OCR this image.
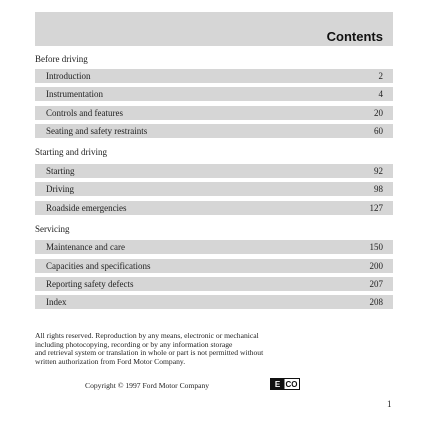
Contents
Before driving
Introduction	2
Instrumentation	4
Controls and features	20
Seating and safety restraints	60
Starting and driving
Starting	92
Driving	98
Roadside emergencies	127
Servicing
Maintenance and care	150
Capacities and specifications	200
Reporting safety defects	207
Index	208
All rights reserved. Reproduction by any means, electronic or mechanical
including photocopying, recording or by any information storage
and retrieval system or translation in whole or part is not permitted without
written authorization from Ford Motor Company.
Copyright © 1997 Ford Motor Company	E CO
1
